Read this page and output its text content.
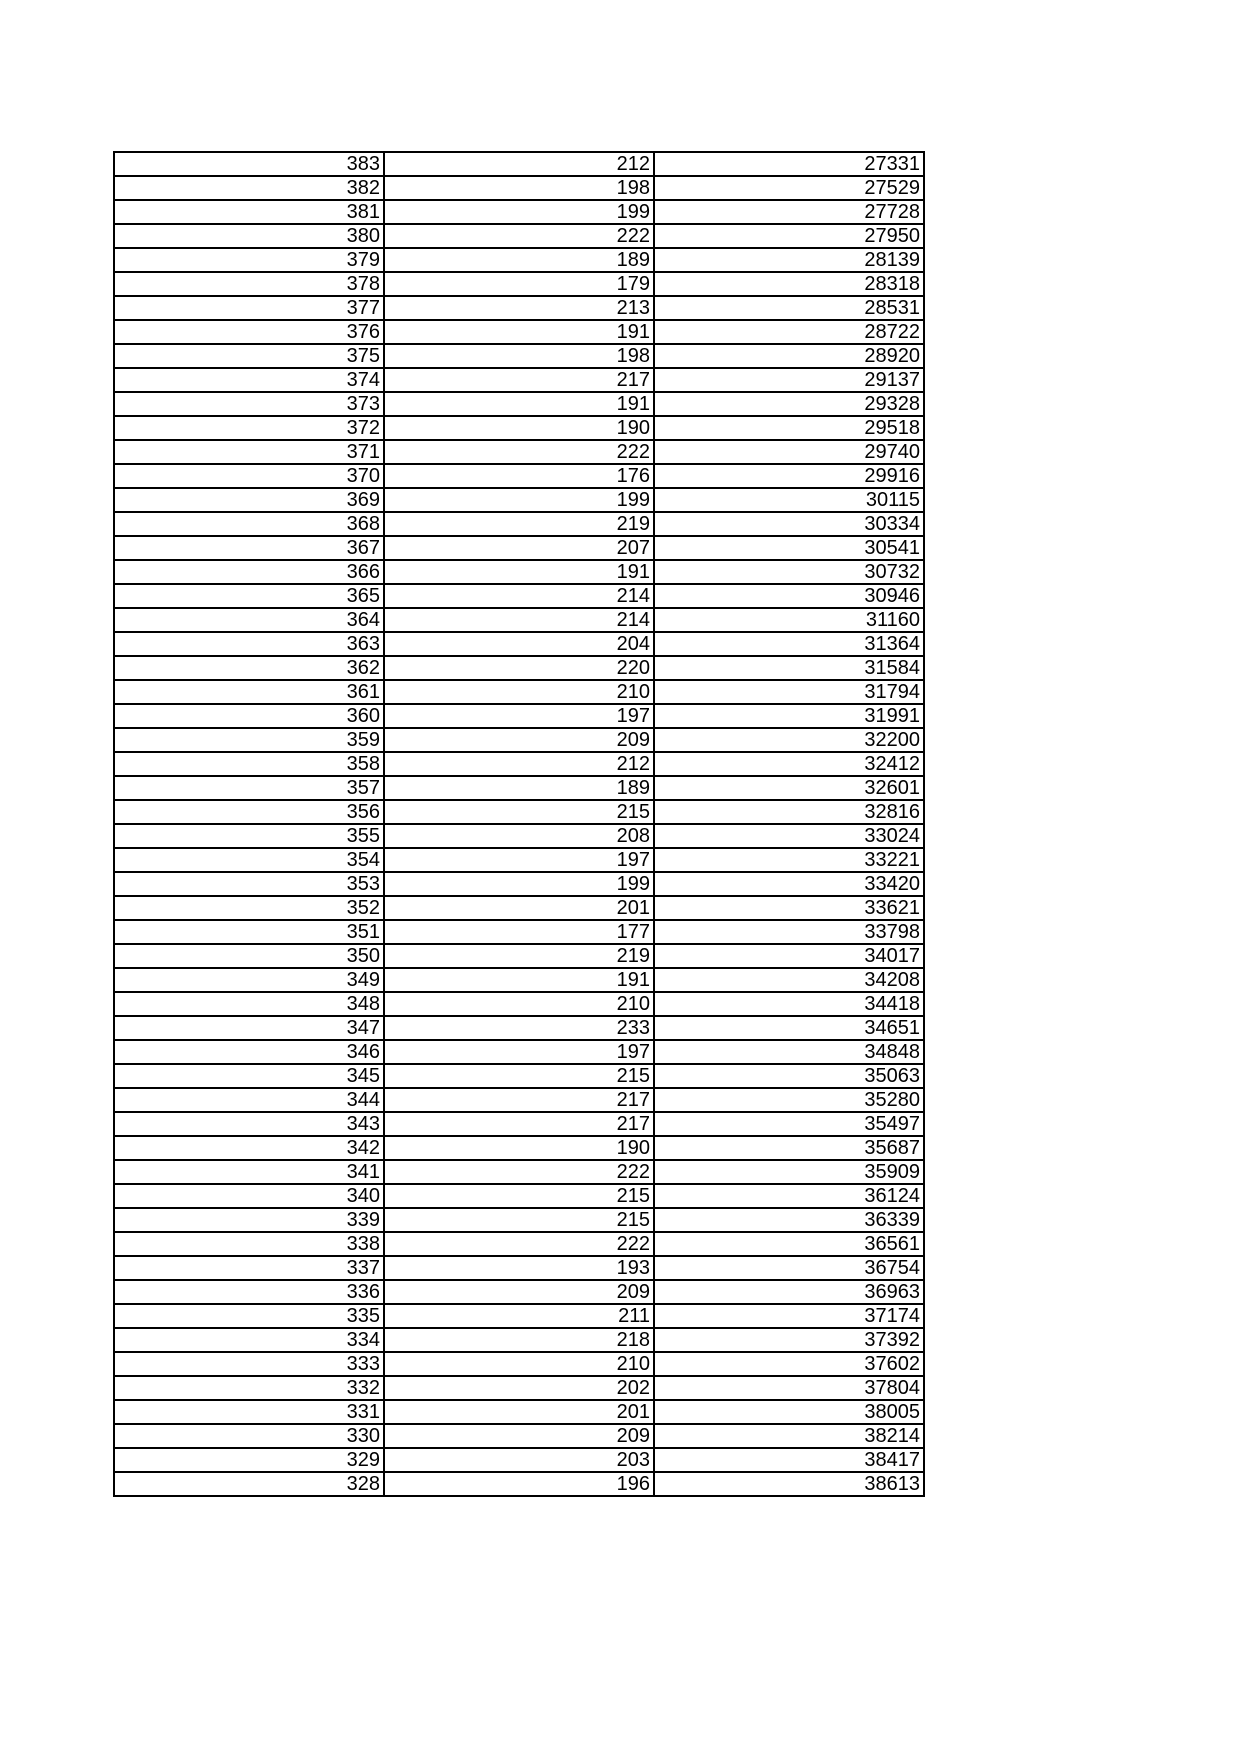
383	212	27331
382	198	27529
381	199	27728
380	222	27950
379	189	28139
378	179	28318
377	213	28531
376	191	28722
375	198	28920
374	217	29137
373	191	29328
372	190	29518
371	222	29740
370	176	29916
369	199	30115
368	219	30334
367	207	30541
366	191	30732
365	214	30946
364	214	31160
363	204	31364
362	220	31584
361	210	31794
360	197	31991
359	209	32200
358	212	32412
357	189	32601
356	215	32816
355	208	33024
354	197	33221
353	199	33420
352	201	33621
351	177	33798
350	219	34017
349	191	34208
348	210	34418
347	233	34651
346	197	34848
345	215	35063
344	217	35280
343	217	35497
342	190	35687
341	222	35909
340	215	36124
339	215	36339
338	222	36561
337	193	36754
336	209	36963
335	211	37174
334	218	37392
333	210	37602
332	202	37804
331	201	38005
330	209	38214
329	203	38417
328	196	38613
